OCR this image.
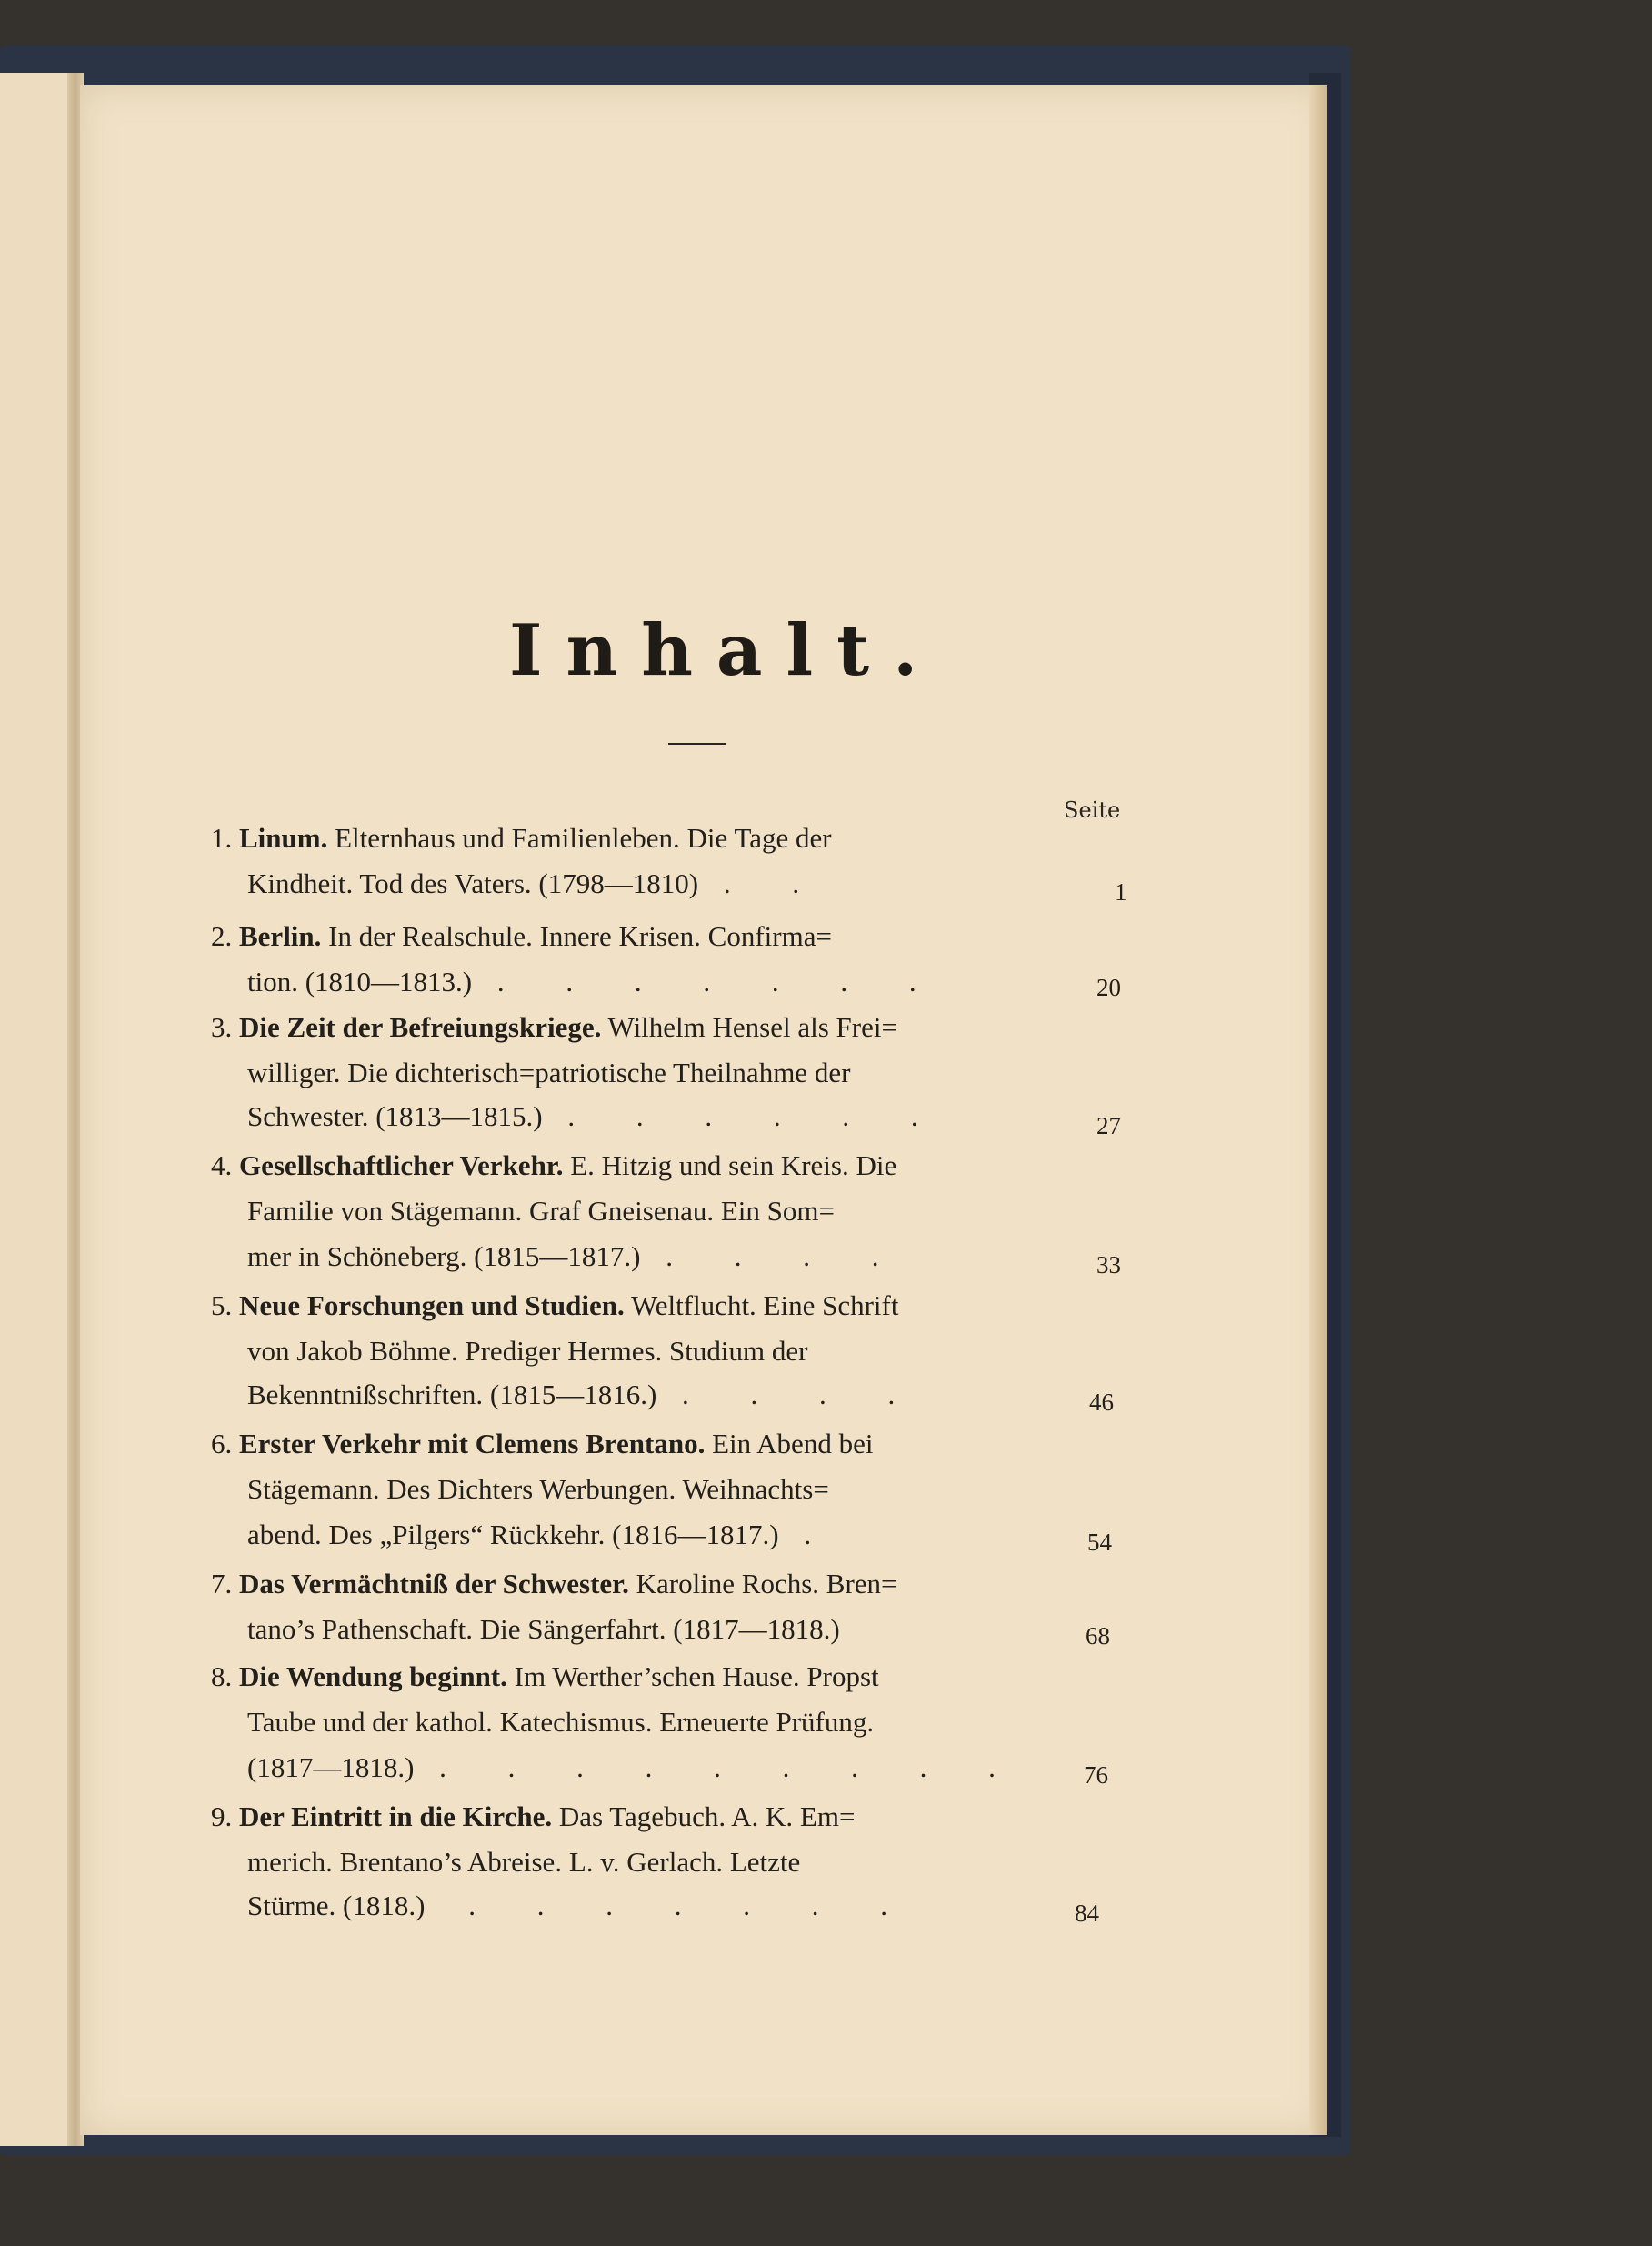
Inhalt.
Seite
1. Linum. Elternhaus und Familienleben. Die Tage der
Kindheit. Tod des Vaters. (1798—1810) . .	1
2. Berlin. In der Realschule. Innere Krisen. Confirma=
tion. (1810—1813.) . . . . . . .	20
3. Die Zeit der Befreiungskriege. Wilhelm Hensel als Frei=
williger. Die dichterisch=patriotische Theilnahme der
Schwester. (1813—1815.) . . . . . .	27
4. Gesellschaftlicher Verkehr. E. Hitzig und sein Kreis. Die
Familie von Stägemann. Graf Gneisenau. Ein Som=
mer in Schöneberg. (1815—1817.) . . . .	33
5. Neue Forschungen und Studien. Weltflucht. Eine Schrift
von Jakob Böhme. Prediger Hermes. Studium der
Bekenntnißschriften. (1815—1816.) . . . .	46
6. Erster Verkehr mit Clemens Brentano. Ein Abend bei
Stägemann. Des Dichters Werbungen. Weihnachts=
abend. Des „Pilgers“ Rückkehr. (1816—1817.) .	54
7. Das Vermächtniß der Schwester. Karoline Rochs. Bren=
tano’s Pathenschaft. Die Sängerfahrt. (1817—1818.)	68
8. Die Wendung beginnt. Im Werther’schen Hause. Propst
Taube und der kathol. Katechismus. Erneuerte Prüfung.
(1817—1818.) . . . . . . . . . 76
9. Der Eintritt in die Kirche. Das Tagebuch. A. K. Em=
merich. Brentano’s Abreise. L. v. Gerlach. Letzte
Stürme. (1818.) . . . . . . .	84
